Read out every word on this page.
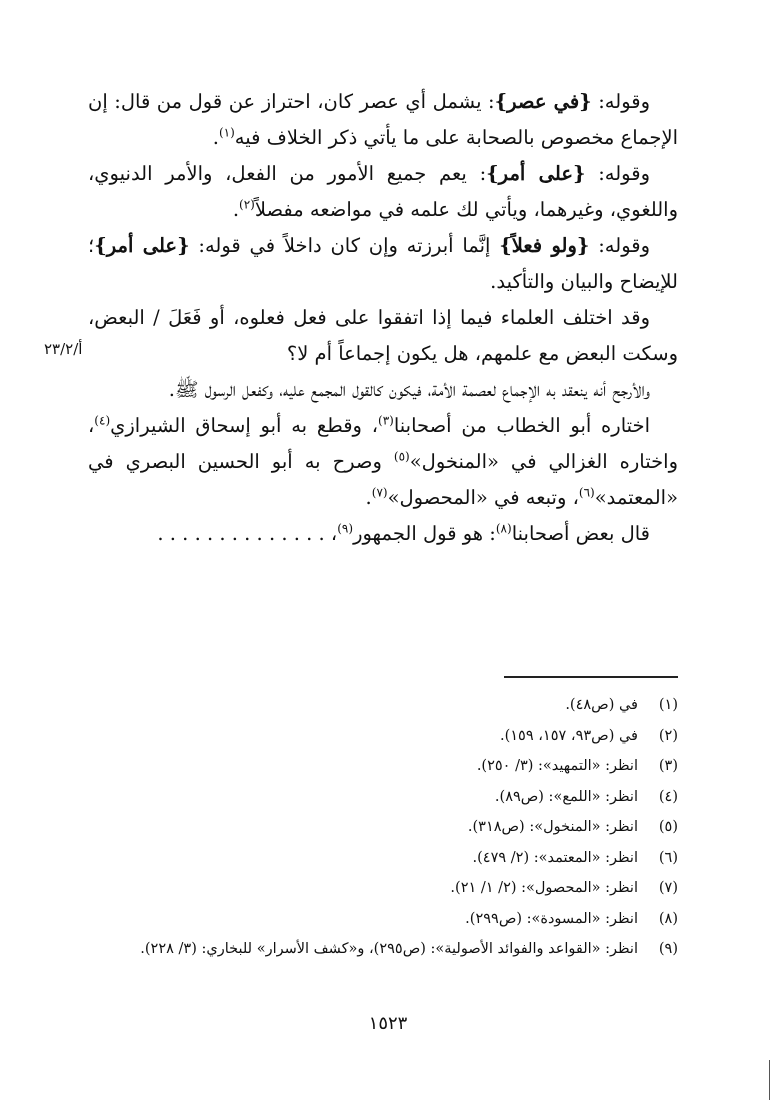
وقوله: {في عصر}: يشمل أي عصر كان، احتراز عن قول من قال: إن الإجماع مخصوص بالصحابة على ما يأتي ذكر الخلاف فيه$^{(١)}$.

وقوله: {على أمر}: يعم جميع الأمور من الفعل، والأمر الدنيوي، واللغوي، وغيرهما، ويأتي لك علمه في مواضعه مفصلاً$^{(٢)}$.

وقوله: {ولو فعلاً} إنَّما أبرزته وإن كان داخلاً في قوله: {على أمر}؛ للإيضاح والبيان والتأكيد.

وقد اختلف العلماء فيما إذا اتفقوا على فعل فعلوه، أو فَعَلَ / البعض، وسكت البعض مع علمهم، هل يكون إجماعاً أم لا؟

والأرجح أنه ينعقد به الإجماع لعصمة الأمة، فيكون كالقول المجمع عليه، وكفعل الرسول ﷺ.

اختاره أبو الخطاب من أصحابنا$^{(٣)}$، وقطع به أبو إسحاق الشيرازي$^{(٤)}$، واختاره الغزالي في «المنخول»$^{(٥)}$ وصرح به أبو الحسين البصري في «المعتمد»$^{(٦)}$، وتبعه في «المحصول»$^{(٧)}$.

قال بعض أصحابنا$^{(٨)}$: هو قول الجمهور$^{(٩)}$، . . . . . . . . . . . . . .

أ/٢٣/٢
(١)
في (ص٤٨).
(٢)
في (ص٩٣، ١٥٧، ١٥٩).
(٣)
انظر: «التمهيد»: (٣/ ٢٥٠).
(٤)
انظر: «اللمع»: (ص٨٩).
(٥)
انظر: «المنخول»: (ص٣١٨).
(٦)
انظر: «المعتمد»: (٢/ ٤٧٩).
(٧)
انظر: «المحصول»: (٢/ ١/ ٢١).
(٨)
انظر: «المسودة»: (ص٢٩٩).
(٩)
انظر: «القواعد والفوائد الأصولية»: (ص٢٩٥)، و«كشف الأسرار» للبخاري: (٣/ ٢٢٨).
١٥٢٣
